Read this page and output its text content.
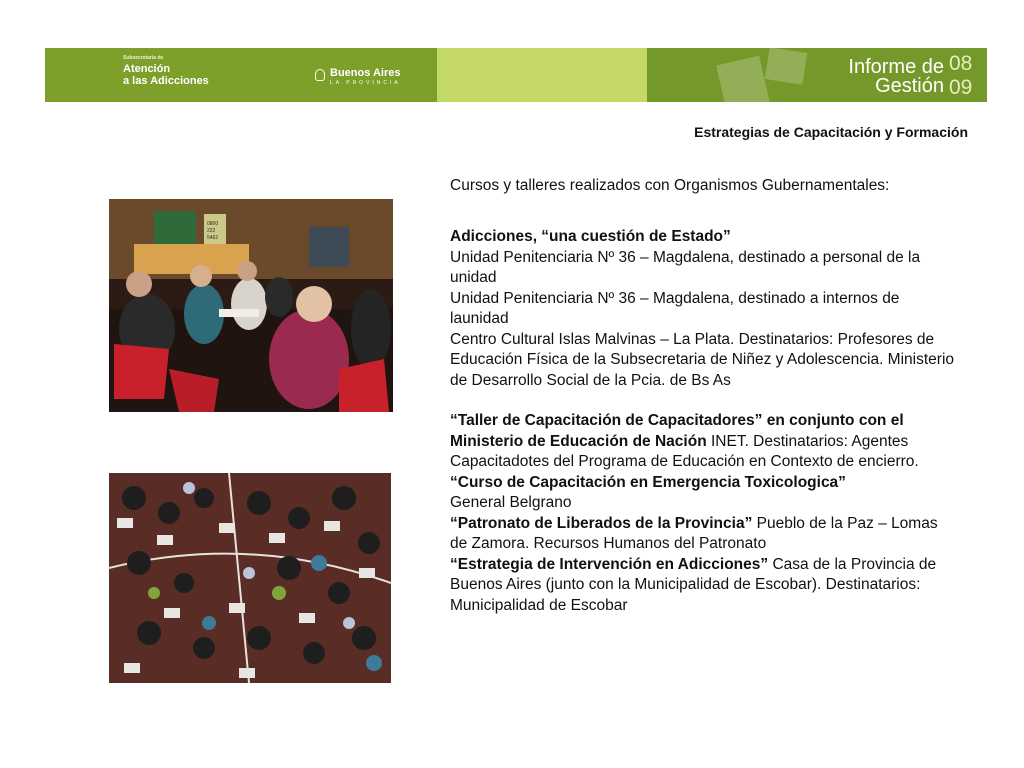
Subsecretaría de
Atención
a las Adicciones
Buenos Aires
LA PROVINCIA
Informe de
Gestión
08
09
Estrategias de Capacitación y Formación
0800 222 5462

Cursos y talleres realizados con Organismos Gubernamentales:

Adicciones, “una cuestión de Estado”
Unidad Penitenciaria Nº 36 – Magdalena, destinado a personal de la unidad
Unidad Penitenciaria Nº 36 – Magdalena, destinado a internos de launidad
Centro Cultural Islas Malvinas – La Plata. Destinatarios: Profesores de Educación Física de la Subsecretaria de Niñez y Adolescencia. Ministerio de Desarrollo Social de la Pcia. de Bs As
“Taller de Capacitación de Capacitadores” en conjunto con el Ministerio de Educación de Nación INET. Destinatarios: Agentes Capacitadotes del Programa de Educación en Contexto de encierro.
“Curso de Capacitación en Emergencia Toxicologica”
General Belgrano
“Patronato de Liberados de la Provincia” Pueblo de la Paz – Lomas de Zamora. Recursos Humanos del Patronato
“Estrategia de Intervención en Adicciones” Casa de la Provincia de Buenos Aires (junto con la Municipalidad de Escobar). Destinatarios: Municipalidad de Escobar
